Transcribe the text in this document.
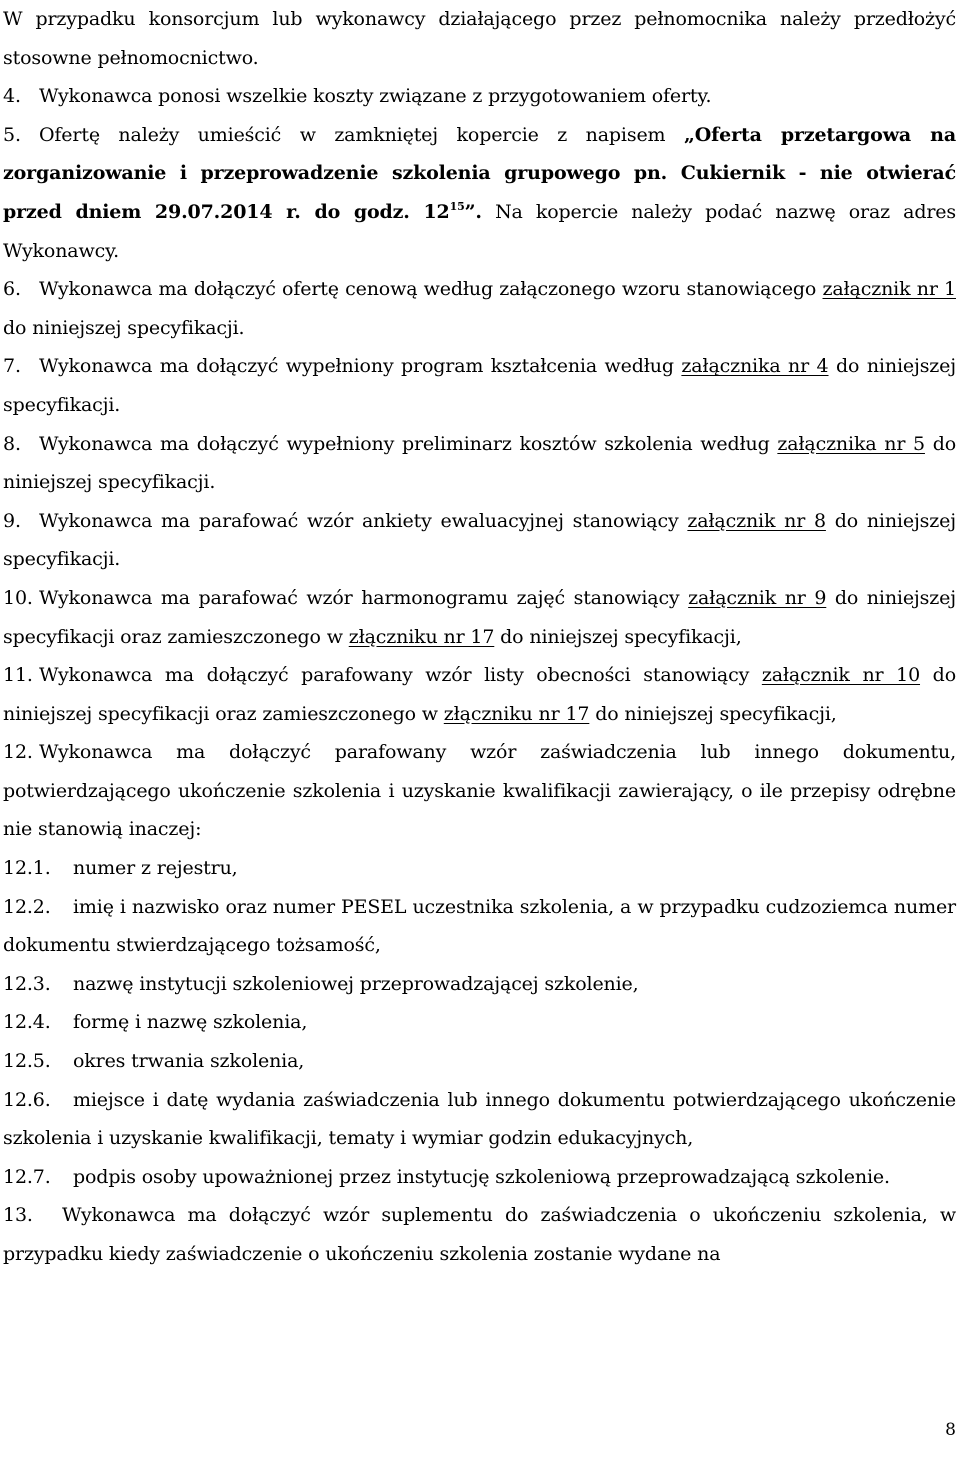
W przypadku konsorcjum lub wykonawcy działającego przez pełnomocnika należy przedłożyć stosowne pełnomocnictwo.

4. Wykonawca ponosi wszelkie koszty związane z przygotowaniem oferty.

5. Ofertę należy umieścić w zamkniętej kopercie z napisem „Oferta przetargowa na zorganizowanie i przeprowadzenie szkolenia grupowego pn. Cukiernik - nie otwierać przed dniem 29.07.2014 r. do godz. $12^{15}$”. Na kopercie należy podać nazwę oraz adres Wykonawcy.

6. Wykonawca ma dołączyć ofertę cenową według załączonego wzoru stanowiącego załącznik nr 1 do niniejszej specyfikacji.

7. Wykonawca ma dołączyć wypełniony program kształcenia według załącznika nr 4 do niniejszej specyfikacji.

8. Wykonawca ma dołączyć wypełniony preliminarz kosztów szkolenia według załącznika nr 5 do niniejszej specyfikacji.

9. Wykonawca ma parafować wzór ankiety ewaluacyjnej stanowiący załącznik nr 8 do niniejszej specyfikacji.

10. Wykonawca ma parafować wzór harmonogramu zajęć stanowiący załącznik nr 9 do niniejszej specyfikacji oraz zamieszczonego w złączniku nr 17 do niniejszej specyfikacji,

11. Wykonawca ma dołączyć parafowany wzór listy obecności stanowiący załącznik nr 10 do niniejszej specyfikacji oraz zamieszczonego w złączniku nr 17 do niniejszej specyfikacji,

12. Wykonawca ma dołączyć parafowany wzór zaświadczenia lub innego dokumentu, potwierdzającego ukończenie szkolenia i uzyskanie kwalifikacji zawierający, o ile przepisy odrębne nie stanowią inaczej:

12.1. numer z rejestru,

12.2. imię i nazwisko oraz numer PESEL uczestnika szkolenia, a w przypadku cudzoziemca numer dokumentu stwierdzającego tożsamość,

12.3. nazwę instytucji szkoleniowej przeprowadzającej szkolenie,

12.4. formę i nazwę szkolenia,

12.5. okres trwania szkolenia,

12.6. miejsce i datę wydania zaświadczenia lub innego dokumentu potwierdzającego ukończenie szkolenia i uzyskanie kwalifikacji, tematy i wymiar godzin edukacyjnych,

12.7. podpis osoby upoważnionej przez instytucję szkoleniową przeprowadzającą szkolenie.

13. Wykonawca ma dołączyć wzór suplementu do zaświadczenia o ukończeniu szkolenia, w przypadku kiedy zaświadczenie o ukończeniu szkolenia zostanie wydane na

8
